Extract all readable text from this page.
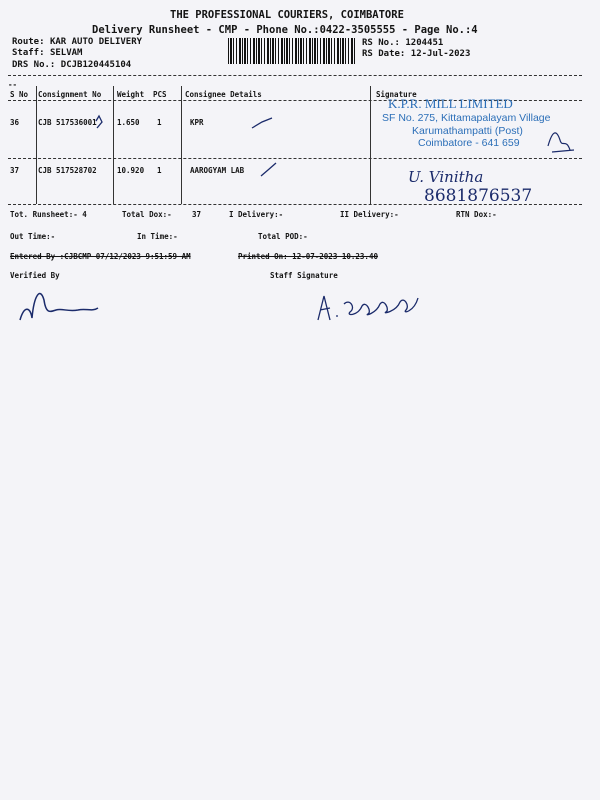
THE PROFESSIONAL COURIERS, COIMBATORE
Delivery Runsheet - CMP - Phone No.:0422-3505555 - Page No.:4
Route: KAR AUTO DELIVERY
Staff: SELVAM
DRS No.: DCJB120445104
RS No.: 1204451
RS Date: 12-Jul-2023
--
S No Consignment No Weight PCS Consignee Details	Signature
36	CJB 517536001	1.650 1	KPR
37	CJB 517528702	10.920 1	AAROGYAM LAB
K.P.R. MILL LIMITED
SF No. 275, Kittamapalayam Village
Karumathampatti (Post)
Coimbatore - 641 659
U. Vinitha
8681876537
Tot. Runsheet:- 4	Total Dox:-	37	I Delivery:-	II Delivery:-	RTN Dox:-
Out Time:-	In Time:-	Total POD:-
Entered By :CJBCMP 07/12/2023 9:51:59 AM	Printed On: 12-07-2023 10.23.40
Verified By	Staff Signature
